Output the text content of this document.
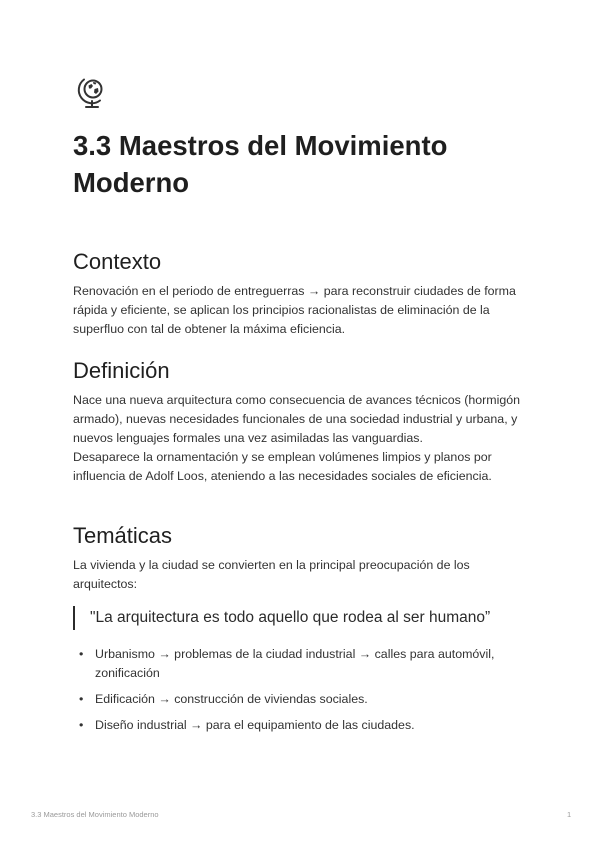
3.3 Maestros del Movimiento Moderno
Contexto

Renovación en el periodo de entreguerras → para reconstruir ciudades de forma rápida y eficiente, se aplican los principios racionalistas de eliminación de la superfluo con tal de obtener la máxima eficiencia.

Definición

Nace una nueva arquitectura como consecuencia de avances técnicos (hormigón armado), nuevas necesidades funcionales de una sociedad industrial y urbana, y nuevos lenguajes formales una vez asimiladas las vanguardias.
Desaparece la ornamentación y se emplean volúmenes limpios y planos por influencia de Adolf Loos, ateniendo a las necesidades sociales de eficiencia.

Temáticas

La vivienda y la ciudad se convierten en la principal preocupación de los arquitectos:

"La arquitectura es todo aquello que rodea al ser humano”
• Urbanismo → problemas de la ciudad industrial → calles para automóvil, zonificación
• Edificación → construcción de viviendas sociales.
• Diseño industrial → para el equipamiento de las ciudades.
3.3 Maestros del Movimiento Moderno	1
